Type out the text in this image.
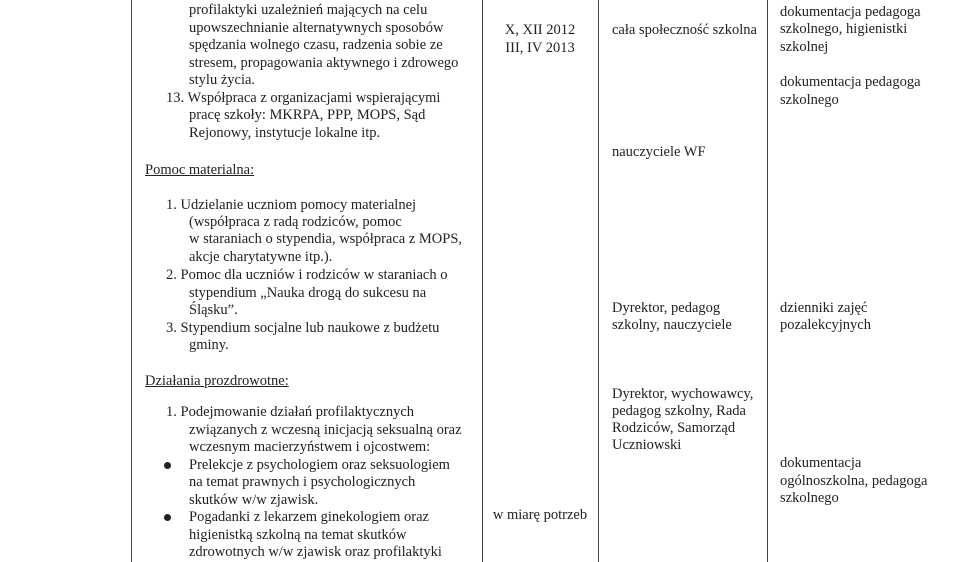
profilaktyki uzależnień mających na celu
upowszechnianie alternatywnych sposobów
spędzania wolnego czasu, radzenia sobie ze
stresem, propagowania aktywnego i zdrowego
stylu życia.
13. Współpraca z organizacjami wspierającymi
pracę szkoły: MKRPA, PPP, MOPS, Sąd
Rejonowy, instytucje lokalne itp.
Pomoc materialna:
1. Udzielanie uczniom pomocy materialnej
(współpraca z radą rodziców, pomoc
w staraniach o stypendia, współpraca z MOPS,
akcje charytatywne itp.).
2. Pomoc dla uczniów i rodziców w staraniach o
stypendium „Nauka drogą do sukcesu na
Śląsku”.
3. Stypendium socjalne lub naukowe z budżetu
gminy.
Działania prozdrowotne:
1. Podejmowanie działań profilaktycznych
związanych z wczesną inicjacją seksualną oraz
wczesnym macierzyństwem i ojcostwem:
Prelekcje z psychologiem oraz seksuologiem
na temat prawnych i psychologicznych
skutków w/w zjawisk.
Pogadanki z lekarzem ginekologiem oraz
higienistką szkolną na temat skutków
zdrowotnych w/w zjawisk oraz profilaktyki
X, XII 2012
III, IV 2013
w miarę potrzeb
cała społeczność szkolna
nauczyciele WF
Dyrektor, pedagog
szkolny, nauczyciele
Dyrektor, wychowawcy,
pedagog szkolny, Rada
Rodziców, Samorząd
Uczniowski
dokumentacja pedagoga
szkolnego, higienistki
szkolnej
dokumentacja pedagoga
szkolnego
dzienniki zajęć
pozalekcyjnych
dokumentacja
ogólnoszkolna, pedagoga
szkolnego
